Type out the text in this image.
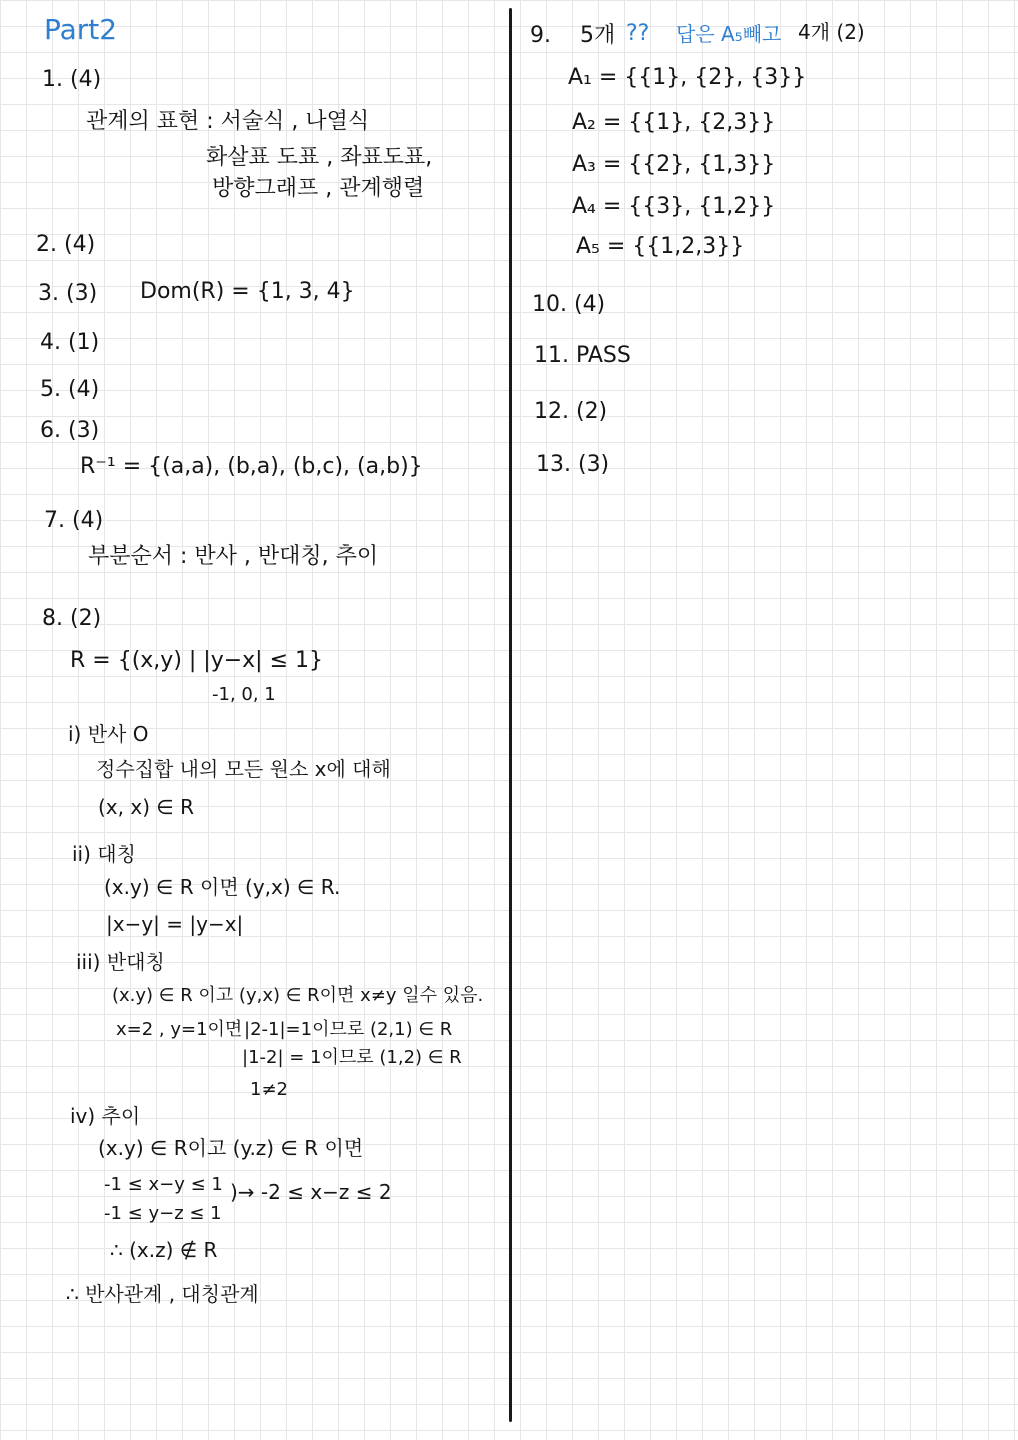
Part2
1. (4)
관계의 표현 : 서술식 , 나열식
화살표 도표 , 좌표도표,
방향그래프 , 관계행렬
2. (4)
3. (3) Dom(R) = {1, 3, 4}
4. (1)
5. (4)
6. (3)
R⁻¹ = {(a,a), (b,a), (b,c), (a,b)}
7. (4)
부분순서 : 반사 , 반대칭, 추이
8. (2)
R = {(x,y) | |y−x| ≤ 1}
-1, 0, 1
i) 반사 O
정수집합 내의 모든 원소 x에 대해
(x, x) ∈ R
ii) 대칭
(x.y) ∈ R 이면 (y,x) ∈ R.
|x−y| = |y−x|
iii) 반대칭
(x.y) ∈ R 이고 (y,x) ∈ R이면 x≠y 일수 있음.
x=2 , y=1이면 |2-1|=1이므로 (2,1) ∈ R
|1-2| = 1이므로 (1,2) ∈ R
1≠2
iv) 추이
(x.y) ∈ R이고 (y.z) ∈ R 이면
-1 ≤ x−y ≤ 1
-1 ≤ y−z ≤ 1
)→ -2 ≤ x−z ≤ 2
∴ (x.z) ∉ R
∴ 반사관계 , 대칭관계
9. 5개 ?? 답은 A₅빼고 4개 (2)
A₁ = {{1}, {2}, {3}}
A₂ = {{1}, {2,3}}
A₃ = {{2}, {1,3}}
A₄ = {{3}, {1,2}}
A₅ = {{1,2,3}}
10. (4)
11. PASS
12. (2)
13. (3)
